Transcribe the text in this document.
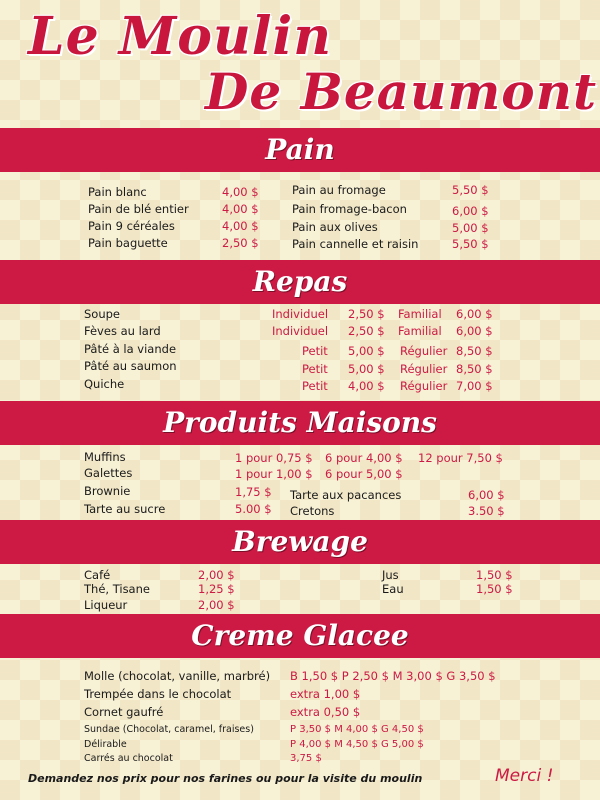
Le Moulin
De Beaumont
Pain
Pain blanc	4,00 $
Pain de blé entier	4,00 $
Pain 9 céréales	4,00 $
Pain baguette	2,50 $
Pain au fromage	5,50 $
Pain fromage-bacon	6,00 $
Pain aux olives	5,00 $
Pain cannelle et raisin	5,50 $
Repas
Soupe	Individuel 2,50 $ Familial 6,00 $
Fèves au lard	Individuel 2,50 $ Familial 6,00 $
Pâté à la viande	Petit 5,00 $ Régulier 8,50 $
Pâté au saumon	Petit 5,00 $ Régulier 8,50 $
Quiche	Petit 4,00 $ Régulier 7,00 $
Produits Maisons
Muffins	1 pour 0,75 $ 6 pour 4,00 $ 12 pour 7,50 $
Galettes	1 pour 1,00 $ 6 pour 5,00 $
Brownie	1,75 $
Tarte au sucre	5.00 $
Tarte aux pacances	6,00 $
Cretons	3.50 $
Brewage
Café	2,00 $
Thé, Tisane	1,25 $
Liqueur	2,00 $
Jus	1,50 $
Eau	1,50 $
Creme Glacee
Molle (chocolat, vanille, marbré) B 1,50 $ P 2,50 $ M 3,00 $ G 3,50 $
Trempée dans le chocolat	extra 1,00 $
Cornet gaufré	extra 0,50 $
Sundae (Chocolat, caramel, fraises)	P 3,50 $ M 4,00 $ G 4,50 $
Délirable	P 4,00 $ M 4,50 $ G 5,00 $
Carrés au chocolat	3,75 $
Demandez nos prix pour nos farines ou pour la visite du moulin	Merci !
